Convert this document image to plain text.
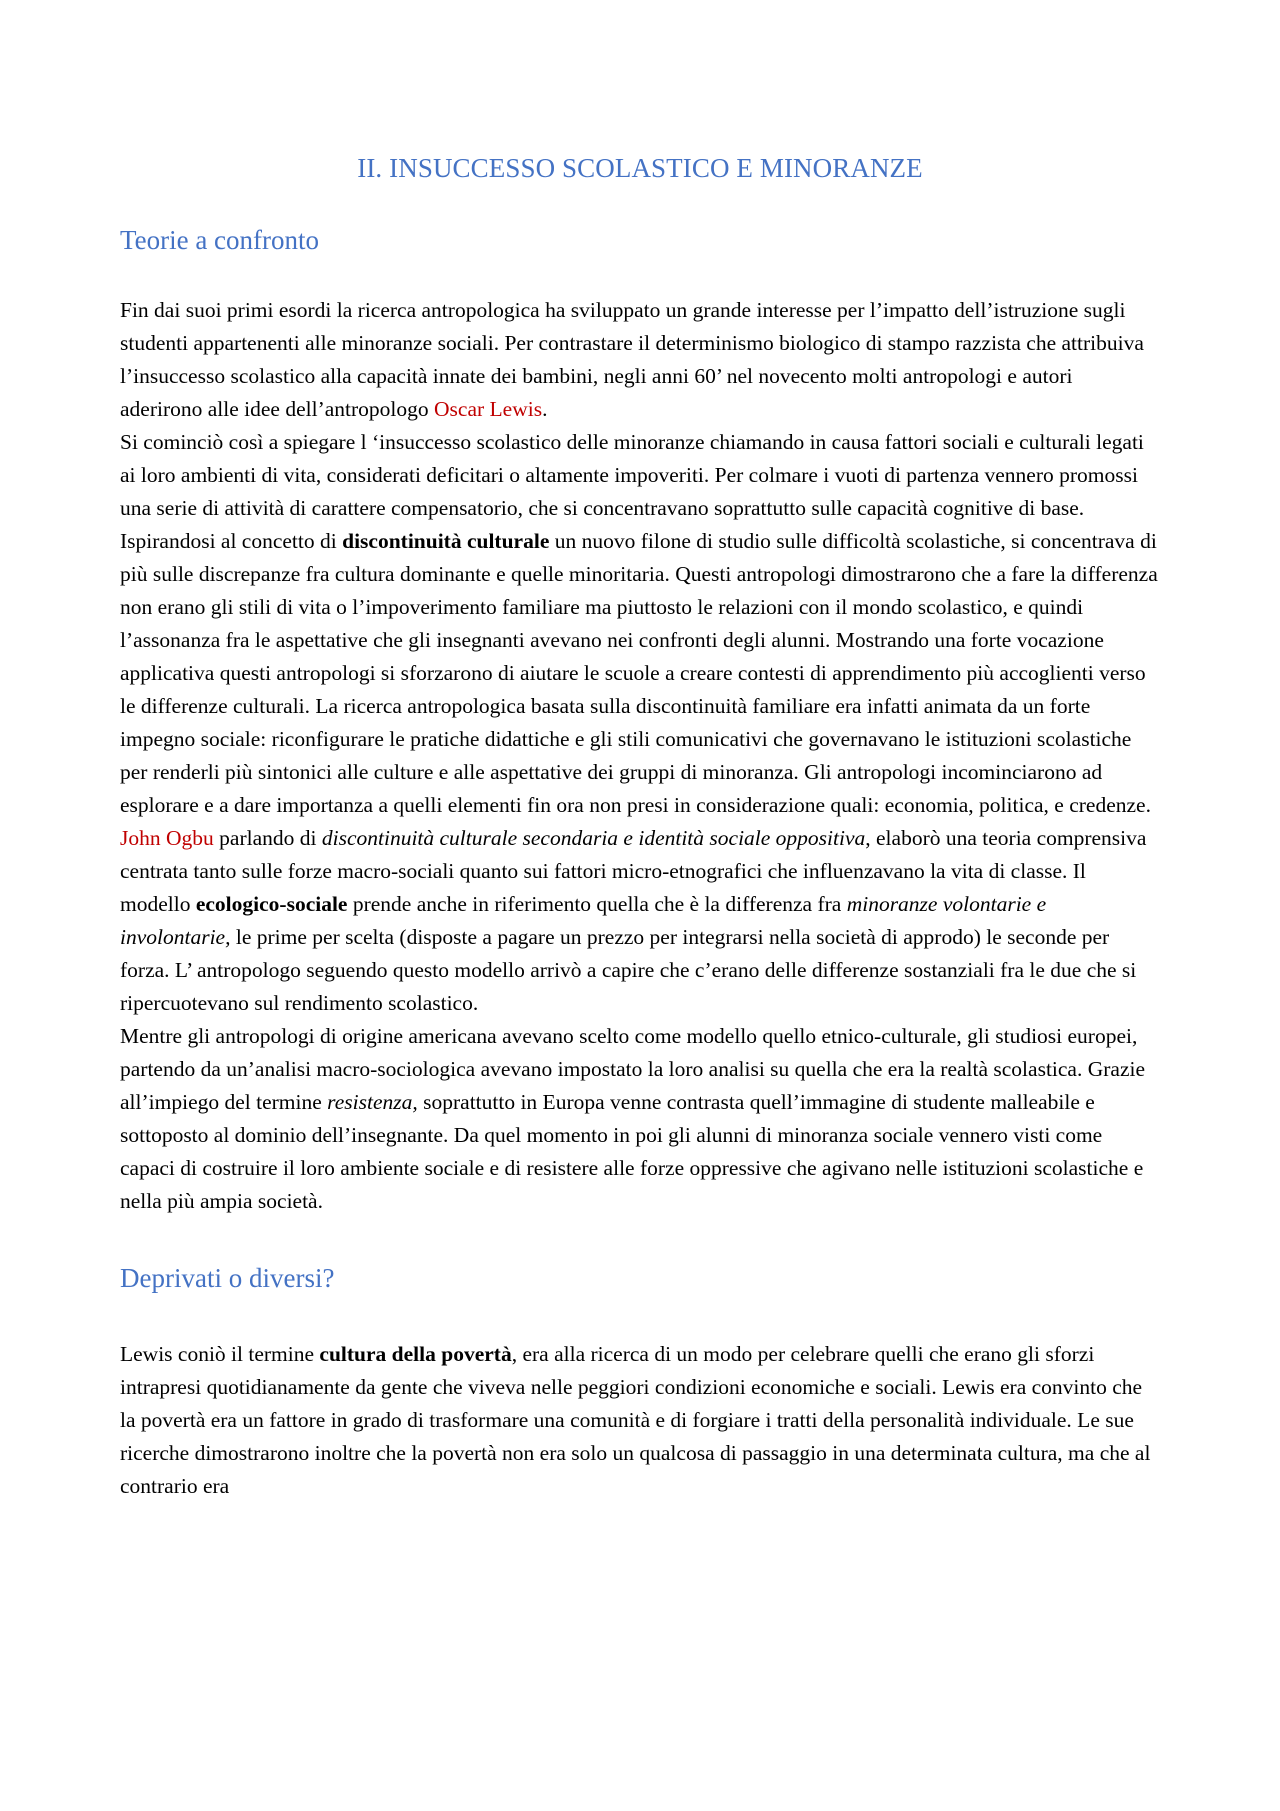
II. INSUCCESSO SCOLASTICO E MINORANZE
Teorie a confronto

Fin dai suoi primi esordi la ricerca antropologica ha sviluppato un grande interesse per l’impatto dell’istruzione sugli studenti appartenenti alle minoranze sociali. Per contrastare il determinismo biologico di stampo razzista che attribuiva l’insuccesso scolastico alla capacità innate dei bambini, negli anni 60’ nel novecento molti antropologi e autori aderirono alle idee dell’antropologo Oscar Lewis.

Si cominciò così a spiegare l ‘insuccesso scolastico delle minoranze chiamando in causa fattori sociali e culturali legati ai loro ambienti di vita, considerati deficitari o altamente impoveriti. Per colmare i vuoti di partenza vennero promossi una serie di attività di carattere compensatorio, che si concentravano soprattutto sulle capacità cognitive di base. Ispirandosi al concetto di discontinuità culturale un nuovo filone di studio sulle difficoltà scolastiche, si concentrava di più sulle discrepanze fra cultura dominante e quelle minoritaria. Questi antropologi dimostrarono che a fare la differenza non erano gli stili di vita o l’impoverimento familiare ma piuttosto le relazioni con il mondo scolastico, e quindi l’assonanza fra le aspettative che gli insegnanti avevano nei confronti degli alunni. Mostrando una forte vocazione applicativa questi antropologi si sforzarono di aiutare le scuole a creare contesti di apprendimento più accoglienti verso le differenze culturali. La ricerca antropologica basata sulla discontinuità familiare era infatti animata da un forte impegno sociale: riconfigurare le pratiche didattiche e gli stili comunicativi che governavano le istituzioni scolastiche per renderli più sintonici alle culture e alle aspettative dei gruppi di minoranza. Gli antropologi incominciarono ad esplorare e a dare importanza a quelli elementi fin ora non presi in considerazione quali: economia, politica, e credenze.

John Ogbu parlando di discontinuità culturale secondaria e identità sociale oppositiva, elaborò una teoria comprensiva centrata tanto sulle forze macro-sociali quanto sui fattori micro-etnografici che influenzavano la vita di classe. Il modello ecologico-sociale prende anche in riferimento quella che è la differenza fra minoranze volontarie e involontarie, le prime per scelta (disposte a pagare un prezzo per integrarsi nella società di approdo) le seconde per forza. L’ antropologo seguendo questo modello arrivò a capire che c’erano delle differenze sostanziali fra le due che si ripercuotevano sul rendimento scolastico.

Mentre gli antropologi di origine americana avevano scelto come modello quello etnico-culturale, gli studiosi europei, partendo da un’analisi macro-sociologica avevano impostato la loro analisi su quella che era la realtà scolastica. Grazie all’impiego del termine resistenza, soprattutto in Europa venne contrasta quell’immagine di studente malleabile e sottoposto al dominio dell’insegnante. Da quel momento in poi gli alunni di minoranza sociale vennero visti come capaci di costruire il loro ambiente sociale e di resistere alle forze oppressive che agivano nelle istituzioni scolastiche e nella più ampia società.

Deprivati o diversi?

Lewis coniò il termine cultura della povertà, era alla ricerca di un modo per celebrare quelli che erano gli sforzi intrapresi quotidianamente da gente che viveva nelle peggiori condizioni economiche e sociali. Lewis era convinto che la povertà era un fattore in grado di trasformare una comunità e di forgiare i tratti della personalità individuale. Le sue ricerche dimostrarono inoltre che la povertà non era solo un qualcosa di passaggio in una determinata cultura, ma che al contrario era
